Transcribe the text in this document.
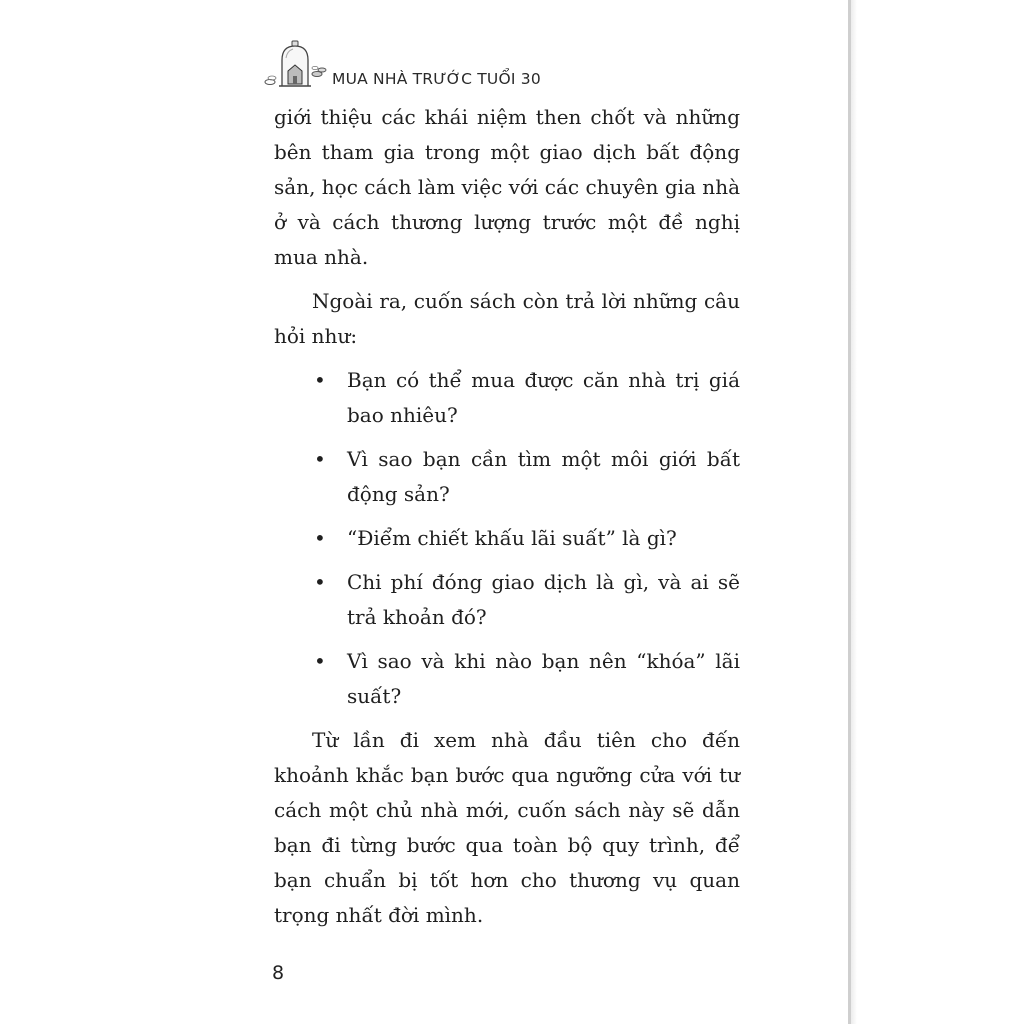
MUA NHÀ TRƯỚC TUỔI 30

giới thiệu các khái niệm then chốt và những bên tham gia trong một giao dịch bất động sản, học cách làm việc với các chuyên gia nhà ở và cách thương lượng trước một đề nghị mua nhà.

Ngoài ra, cuốn sách còn trả lời những câu hỏi như:

• Bạn có thể mua được căn nhà trị giá bao nhiêu?
• Vì sao bạn cần tìm một môi giới bất động sản?
• “Điểm chiết khấu lãi suất” là gì?
• Chi phí đóng giao dịch là gì, và ai sẽ trả khoản đó?
• Vì sao và khi nào bạn nên “khóa” lãi suất?

Từ lần đi xem nhà đầu tiên cho đến khoảnh khắc bạn bước qua ngưỡng cửa với tư cách một chủ nhà mới, cuốn sách này sẽ dẫn bạn đi từng bước qua toàn bộ quy trình, để bạn chuẩn bị tốt hơn cho thương vụ quan trọng nhất đời mình.

8
